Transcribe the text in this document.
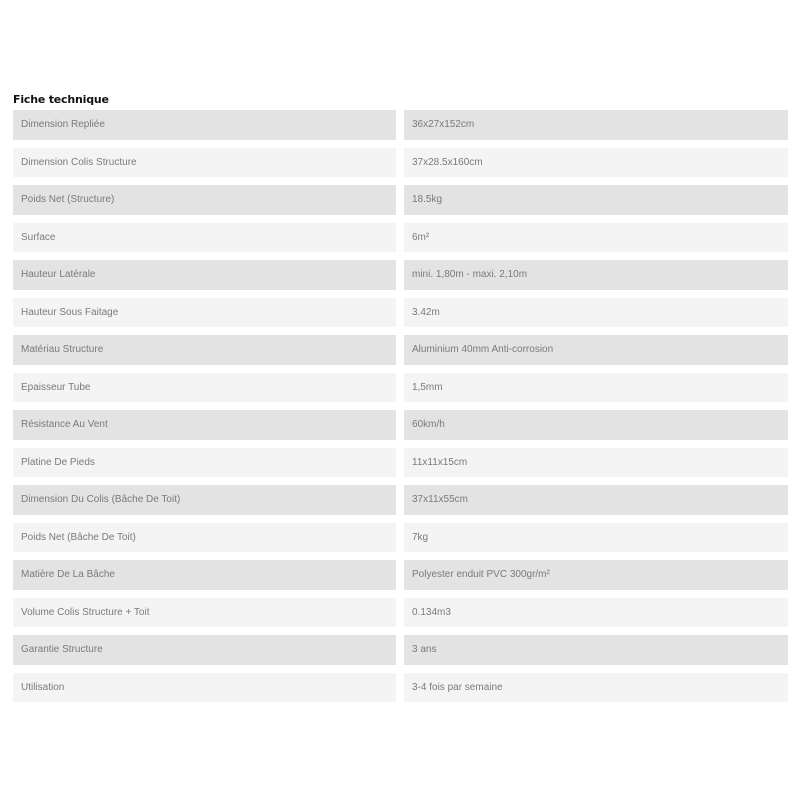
Fiche technique
Dimension Repliée	36x27x152cm
Dimension Colis Structure	37x28.5x160cm
Poids Net (Structure)	18.5kg
Surface	6m²
Hauteur Latérale	mini. 1,80m - maxi. 2,10m
Hauteur Sous Faitage	3.42m
Matériau Structure	Aluminium 40mm Anti-corrosion
Epaisseur Tube	1,5mm
Résistance Au Vent	60km/h
Platine De Pieds	11x11x15cm
Dimension Du Colis (Bâche De Toit)	37x11x55cm
Poids Net (Bâche De Toit)	7kg
Matière De La Bâche	Polyester enduit PVC 300gr/m²
Volume Colis Structure + Toit	0.134m3
Garantie Structure	3 ans
Utilisation	3-4 fois par semaine
